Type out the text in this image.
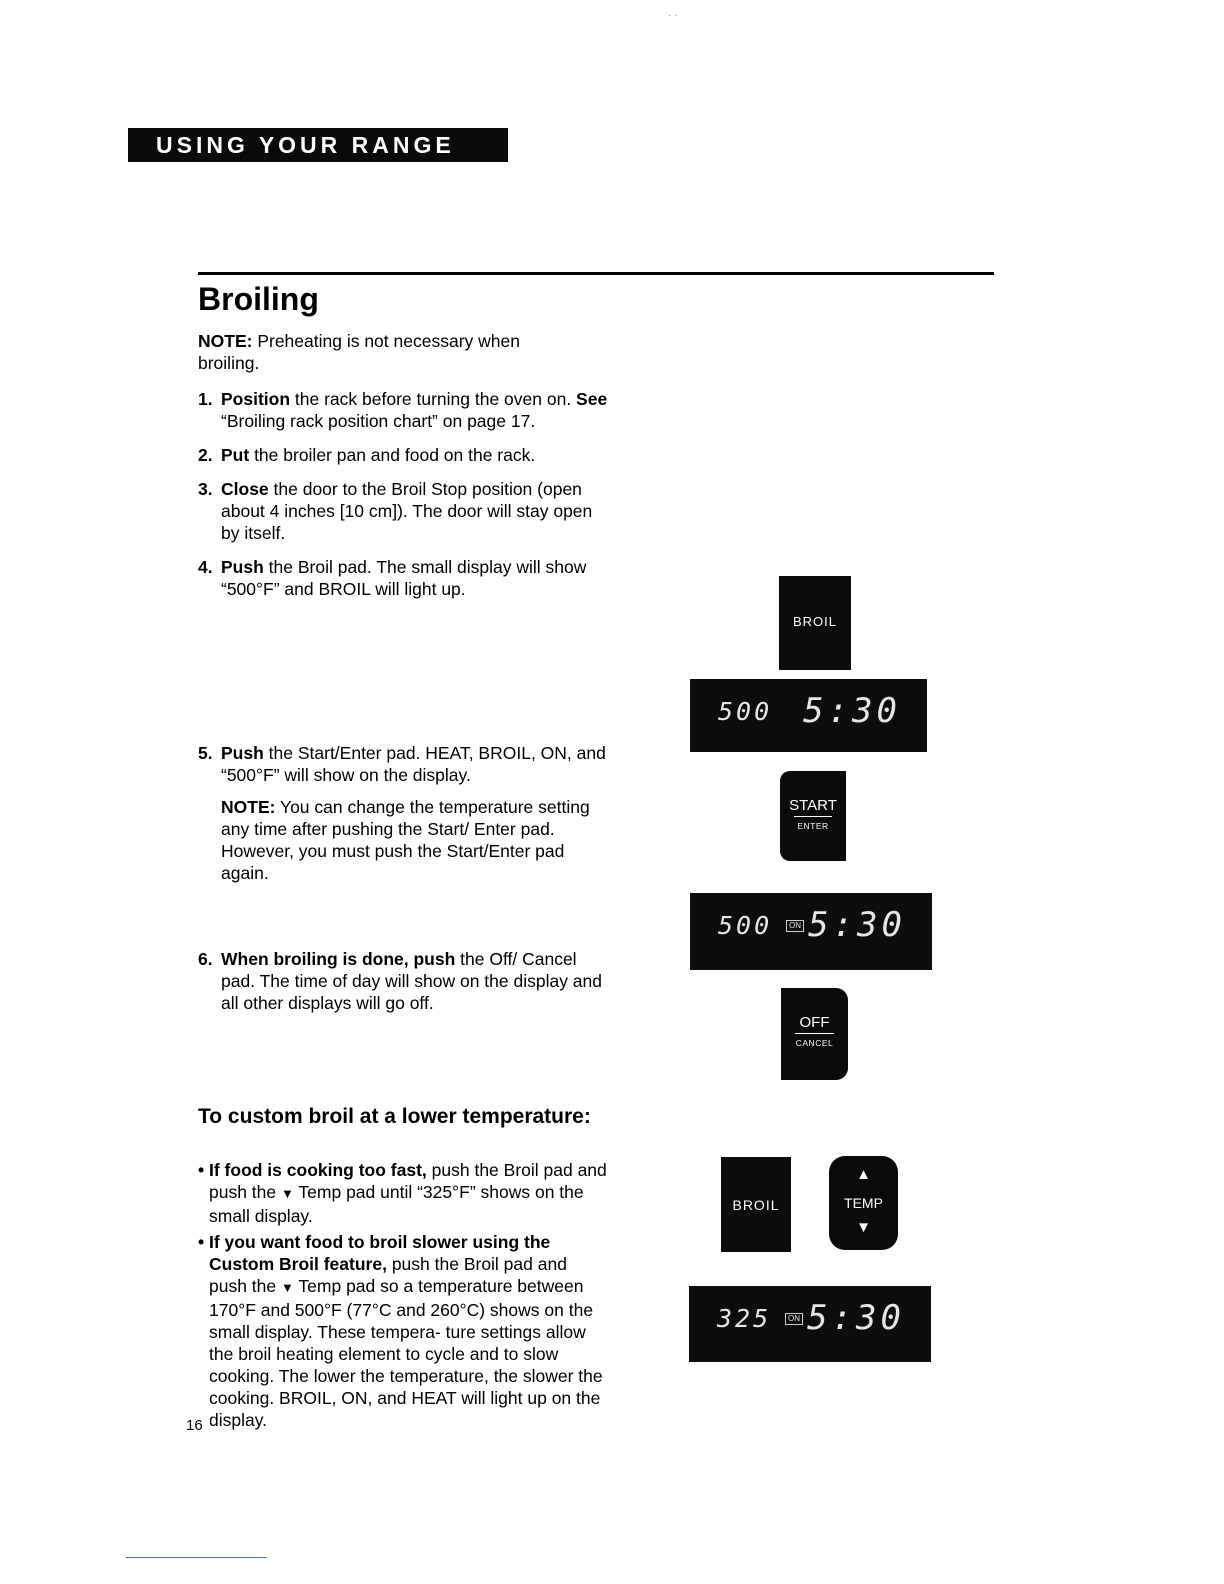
· ·
USING YOUR RANGE
Broiling

NOTE: Preheating is not necessary when

broiling.

1. Position the rack before turning the oven on. See “Broiling rack position chart” on page 17.
2. Put the broiler pan and food on the rack.
3. Close the door to the Broil Stop position (open about 4 inches [10 cm]). The door will stay open by itself.
4. Push the Broil pad. The small display will show “500°F” and BROIL will light up.
5. Push the Start/Enter pad. HEAT, BROIL, ON, and “500°F” will show on the display.
NOTE: You can change the temperature setting any time after pushing the Start/ Enter pad. However, you must push the Start/Enter pad again.
6. When broiling is done, push the Off/ Cancel pad. The time of day will show on the display and all other displays will go off.
To custom broil at a lower temperature:
• If food is cooking too fast, push the Broil pad and push the ▼ Temp pad until “325°F” shows on the small display.
• If you want food to broil slower using the Custom Broil feature, push the Broil pad and push the ▼ Temp pad so a temperature between 170°F and 500°F (77°C and 260°C) shows on the small display. These tempera- ture settings allow the broil heating element to cycle and to slow cooking. The lower the temperature, the slower the cooking. BROIL, ON, and HEAT will light up on the display.
16
BROIL
500 5:30
START
ENTER
500	ON 5:30
OFF
CANCEL
BROIL
▲
TEMP
▼
325	ON 5:30
